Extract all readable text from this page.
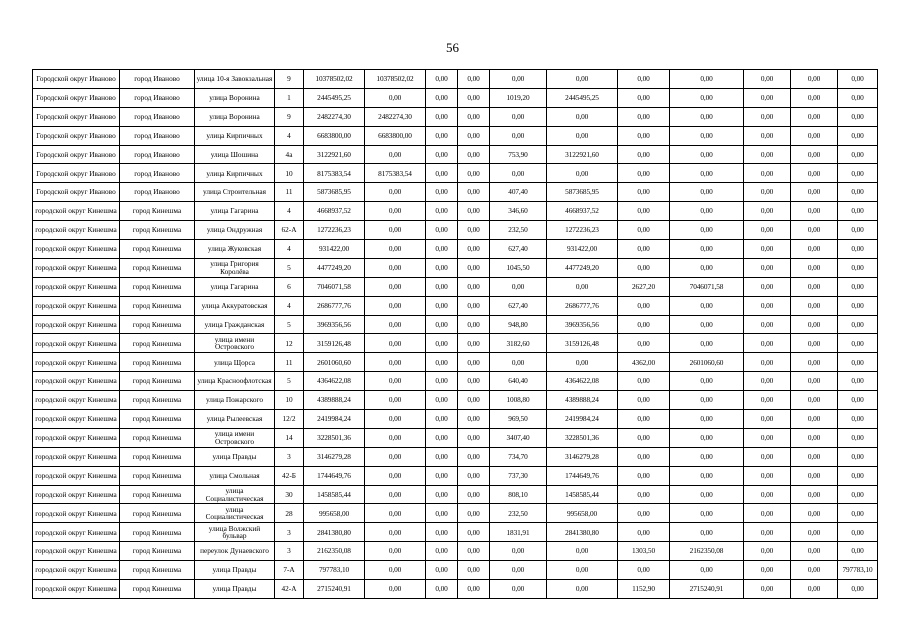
56
Городской округ Иваново	город Иваново	улица 10-я Завокзальная	9	10378502,02	10378502,02	0,00	0,00	0,00	0,00	0,00	0,00	0,00	0,00	0,00
Городской округ Иваново	город Иваново	улица Воронина	1	2445495,25	0,00	0,00	0,00	1019,20	2445495,25	0,00	0,00	0,00	0,00	0,00
Городской округ Иваново	город Иваново	улица Воронина	9	2482274,30	2482274,30	0,00	0,00	0,00	0,00	0,00	0,00	0,00	0,00	0,00
Городской округ Иваново	город Иваново	улица Кирпичных	4	6683800,00	6683800,00	0,00	0,00	0,00	0,00	0,00	0,00	0,00	0,00	0,00
Городской округ Иваново	город Иваново	улица Шошина	4а	3122921,60	0,00	0,00	0,00	753,90	3122921,60	0,00	0,00	0,00	0,00	0,00
Городской округ Иваново	город Иваново	улица Кирпичных	10	8175383,54	8175383,54	0,00	0,00	0,00	0,00	0,00	0,00	0,00	0,00	0,00
Городской округ Иваново	город Иваново	улица Строительная	11	5873685,95	0,00	0,00	0,00	407,40	5873685,95	0,00	0,00	0,00	0,00	0,00
городской округ Кинешма	город Кинешма	улица Гагарина	4	4668937,52	0,00	0,00	0,00	346,60	4668937,52	0,00	0,00	0,00	0,00	0,00
городской округ Кинешма	город Кинешма	улица Ондружная	62-А	1272236,23	0,00	0,00	0,00	232,50	1272236,23	0,00	0,00	0,00	0,00	0,00
городской округ Кинешма	город Кинешма	улица Жуковская	4	931422,00	0,00	0,00	0,00	627,40	931422,00	0,00	0,00	0,00	0,00	0,00
городской округ Кинешма	город Кинешма	улица Григория Королёва	5	4477249,20	0,00	0,00	0,00	1045,50	4477249,20	0,00	0,00	0,00	0,00	0,00
городской округ Кинешма	город Кинешма	улица Гагарина	6	7046071,58	0,00	0,00	0,00	0,00	0,00	2627,20	7046071,58	0,00	0,00	0,00
городской округ Кинешма	город Кинешма	улица Аккуратовская	4	2686777,76	0,00	0,00	0,00	627,40	2686777,76	0,00	0,00	0,00	0,00	0,00
городской округ Кинешма	город Кинешма	улица Гражданская	5	3969356,56	0,00	0,00	0,00	948,80	3969356,56	0,00	0,00	0,00	0,00	0,00
городской округ Кинешма	город Кинешма	улица имени Островского	12	3159126,48	0,00	0,00	0,00	3182,60	3159126,48	0,00	0,00	0,00	0,00	0,00
городской округ Кинешма	город Кинешма	улица Щорса	11	2601060,60	0,00	0,00	0,00	0,00	0,00	4362,00	2601060,60	0,00	0,00	0,00
городской округ Кинешма	город Кинешма	улица Красноофлотская	5	4364622,08	0,00	0,00	0,00	640,40	4364622,08	0,00	0,00	0,00	0,00	0,00
городской округ Кинешма	город Кинешма	улица Пожарского	10	4389888,24	0,00	0,00	0,00	1008,80	4389888,24	0,00	0,00	0,00	0,00	0,00
городской округ Кинешма	город Кинешма	улица Рылеевская	12/2	2419984,24	0,00	0,00	0,00	969,50	2419984,24	0,00	0,00	0,00	0,00	0,00
городской округ Кинешма	город Кинешма	улица имени Островского	14	3228501,36	0,00	0,00	0,00	3407,40	3228501,36	0,00	0,00	0,00	0,00	0,00
городской округ Кинешма	город Кинешма	улица Правды	3	3146279,28	0,00	0,00	0,00	734,70	3146279,28	0,00	0,00	0,00	0,00	0,00
городской округ Кинешма	город Кинешма	улица Смольная	42-Б	1744649,76	0,00	0,00	0,00	737,30	1744649,76	0,00	0,00	0,00	0,00	0,00
городской округ Кинешма	город Кинешма	улица Социалистическая	30	1458585,44	0,00	0,00	0,00	808,10	1458585,44	0,00	0,00	0,00	0,00	0,00
городской округ Кинешма	город Кинешма	улица Социалистическая	28	995658,00	0,00	0,00	0,00	232,50	995658,00	0,00	0,00	0,00	0,00	0,00
городской округ Кинешма	город Кинешма	улица Волжский бульвар	3	2841380,80	0,00	0,00	0,00	1831,91	2841380,80	0,00	0,00	0,00	0,00	0,00
городской округ Кинешма	город Кинешма	переулок Дунаевского	3	2162350,08	0,00	0,00	0,00	0,00	0,00	1303,50	2162350,08	0,00	0,00	0,00
городской округ Кинешма	город Кинешма	улица Правды	7-А	797783,10	0,00	0,00	0,00	0,00	0,00	0,00	0,00	0,00	0,00	797783,10
городской округ Кинешма	город Кинешма	улица Правды	42-А	2715240,91	0,00	0,00	0,00	0,00	0,00	1152,90	2715240,91	0,00	0,00	0,00
